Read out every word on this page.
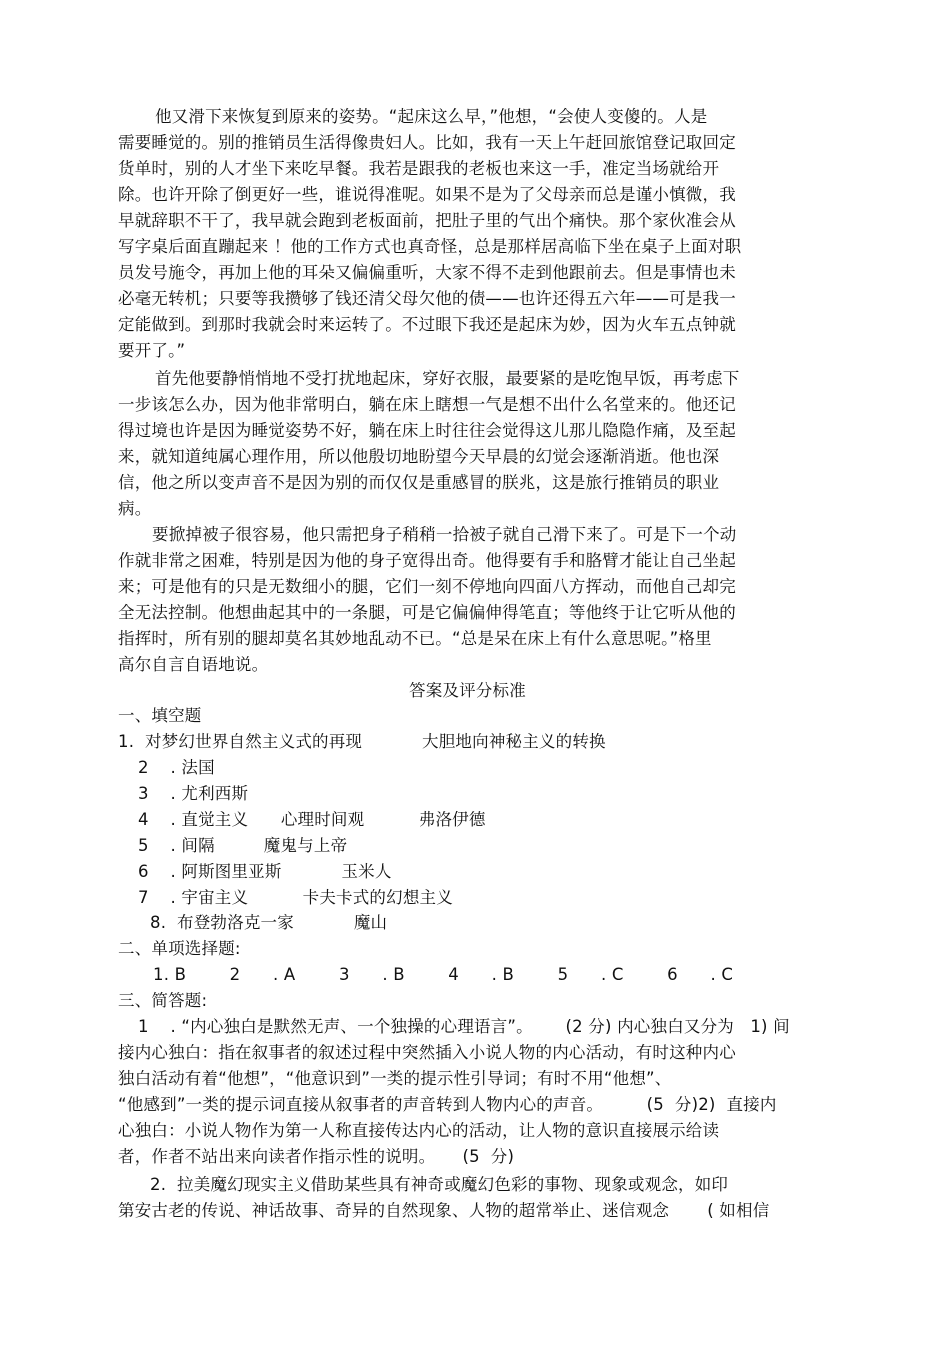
他又滑下来恢复到原来的姿势。“起床这么早，”他想，“会使人变傻的。人是
需要睡觉的。别的推销员生活得像贵妇人。比如，我有一天上午赶回旅馆登记取回定
货单时，别的人才坐下来吃早餐。我若是跟我的老板也来这一手，准定当场就给开
除。也许开除了倒更好一些，谁说得准呢。如果不是为了父母亲而总是谨小慎微，我
早就辞职不干了，我早就会跑到老板面前，把肚子里的气出个痛快。那个家伙准会从
写字桌后面直蹦起来 ！他的工作方式也真奇怪，总是那样居高临下坐在桌子上面对职
员发号施令，再加上他的耳朵又偏偏重听，大家不得不走到他跟前去。但是事情也未
必毫无转机；只要等我攒够了钱还清父母欠他的债——也许还得五六年——可是我一
定能做到。到那时我就会时来运转了。不过眼下我还是起床为妙，因为火车五点钟就
要开了。”
首先他要静悄悄地不受打扰地起床，穿好衣服，最要紧的是吃饱早饭，再考虑下
一步该怎么办，因为他非常明白，躺在床上瞎想一气是想不出什么名堂来的。他还记
得过境也许是因为睡觉姿势不好，躺在床上时往往会觉得这儿那儿隐隐作痛，及至起
来，就知道纯属心理作用，所以他殷切地盼望今天早晨的幻觉会逐渐消逝。他也深
信，他之所以变声音不是因为别的而仅仅是重感冒的朕兆，这是旅行推销员的职业
病。
要掀掉被子很容易，他只需把身子稍稍一拾被子就自己滑下来了。可是下一个动
作就非常之困难，特别是因为他的身子宽得出奇。他得要有手和胳臂才能让自己坐起
来；可是他有的只是无数细小的腿，它们一刻不停地向四面八方挥动，而他自己却完
全无法控制。他想曲起其中的一条腿，可是它偏偏伸得笔直；等他终于让它听从他的
指挥时，所有别的腿却莫名其妙地乱动不已。“总是呆在床上有什么意思呢。”格里
高尔自言自语地说。
答案及评分标准
一、填空题
1.  对梦幻世界自然主义式的再现           大胆地向神秘主义的转换
2    . 法国
3    . 尤利西斯
4    . 直觉主义      心理时间观          弗洛伊德
5    . 间隔         魔鬼与上帝
6    . 阿斯图里亚斯           玉米人
7    . 宇宙主义          卡夫卡式的幻想主义
8.  布登勃洛克一家           魔山
二、单项选择题:
1. B        2      . A        3      . B        4      . B        5      . C        6      . C
三、简答题:
1    . “内心独白是默然无声、一个独操的心理语言”。      (2 分) 内心独白又分为   1) 间
接内心独白：指在叙事者的叙述过程中突然插入小说人物的内心活动，有时这种内心
独白活动有着“他想”，“他意识到”一类的提示性引导词；有时不用“他想”、
“他感到”一类的提示词直接从叙事者的声音转到人物内心的声音。        (5  分)2)  直接内
心独白：小说人物作为第一人称直接传达内心的活动，让人物的意识直接展示给读
者，作者不站出来向读者作指示性的说明。     (5  分)
2.  拉美魔幻现实主义借助某些具有神奇或魔幻色彩的事物、现象或观念，如印
第安古老的传说、神话故事、奇异的自然现象、人物的超常举止、迷信观念       ( 如相信
